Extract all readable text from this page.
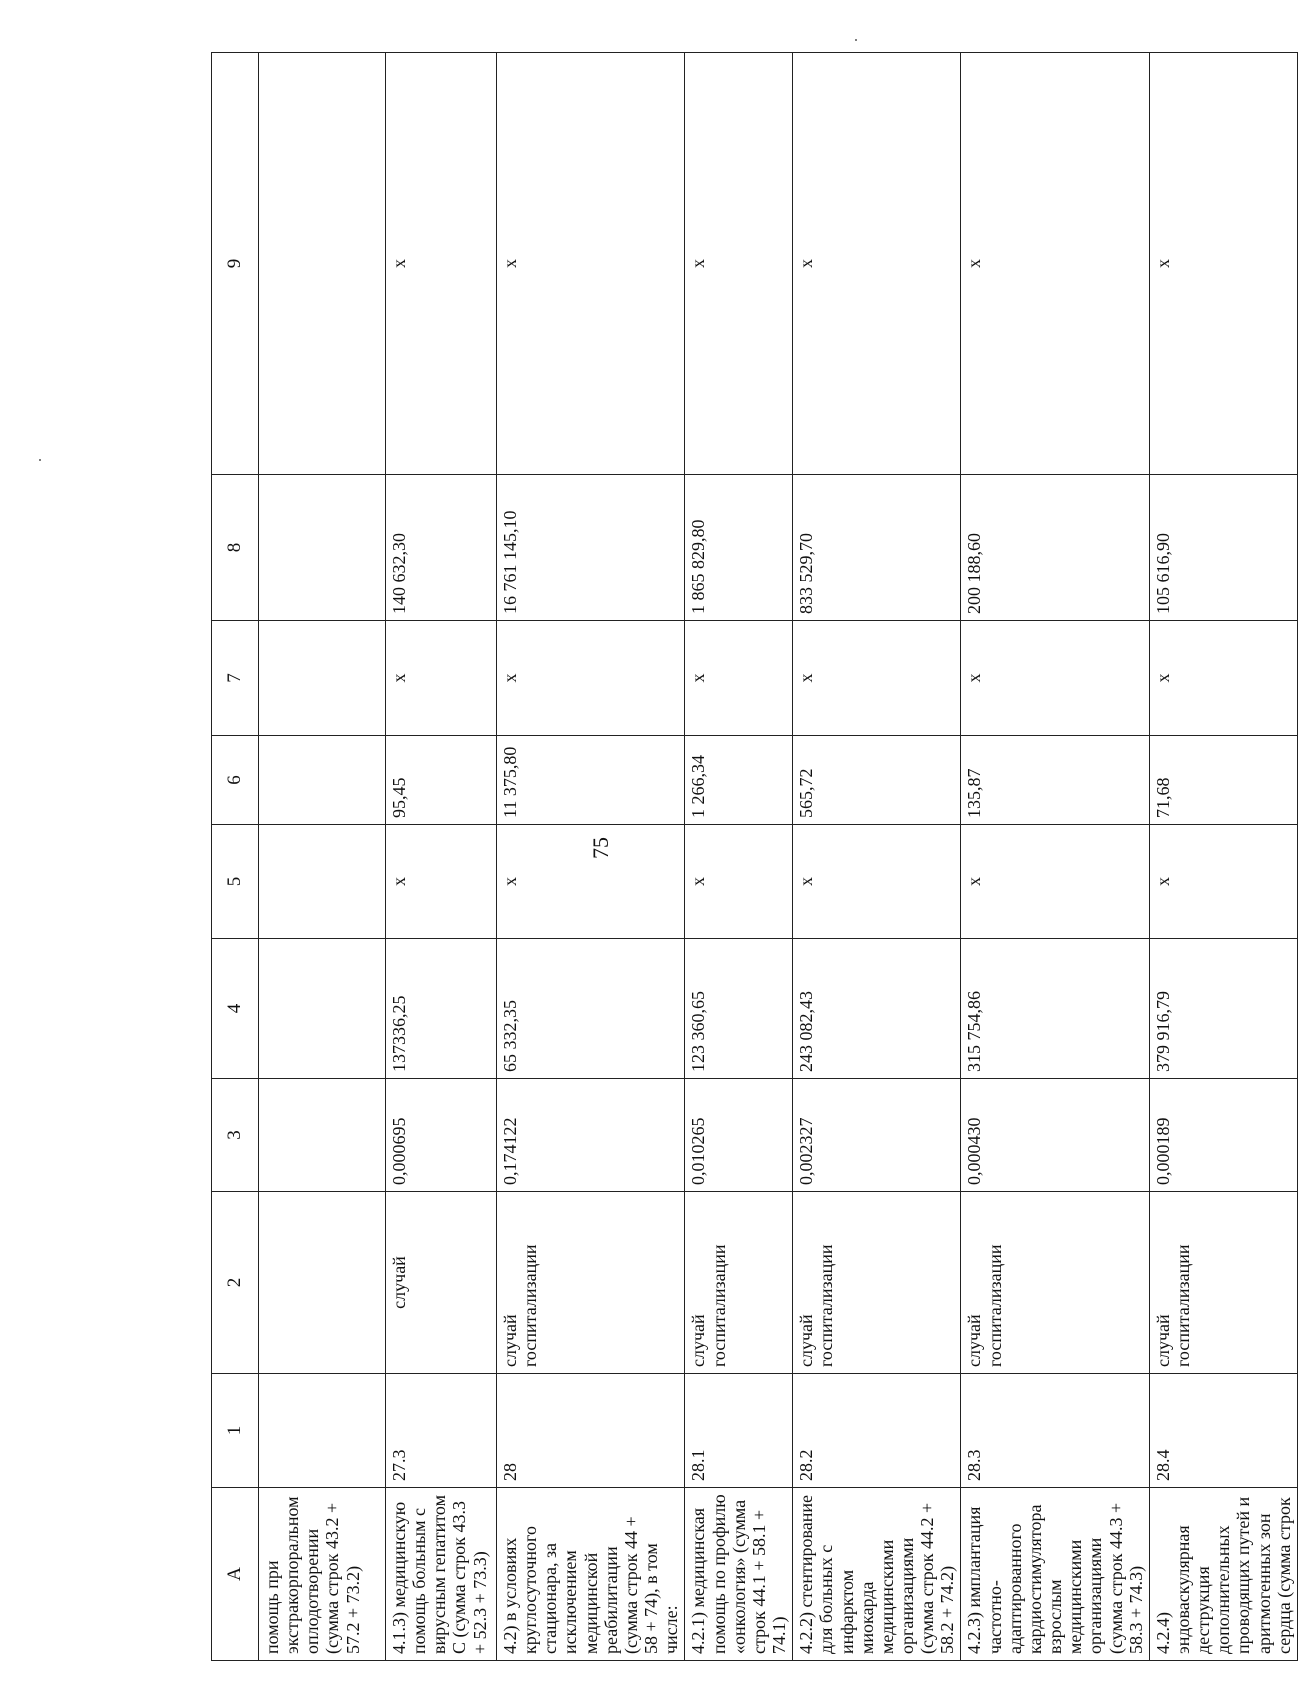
75
А	1	2	3	4	5	6	7	8	9
помощь при экстракорпоральном оплодотворении (сумма строк 43.2 + 57.2 + 73.2)									
4.1.3) медицинскую помощь больным с вирусным гепатитом С (сумма строк 43.3 + 52.3 + 73.3)	27.3	случай	0,000695	137336,25	х	95,45	х	140 632,30	х
4.2) в условиях круглосуточного стационара, за исключением медицинской реабилитации (сумма строк 44 + 58 + 74), в том числе:	28	случай госпитализации	0,174122	65 332,35	х	11 375,80	х	16 761 145,10	х
4.2.1) медицинская помощь по профилю «онкология» (сумма строк 44.1 + 58.1 + 74.1)	28.1	случай госпитализации	0,010265	123 360,65	х	1 266,34	х	1 865 829,80	х
4.2.2) стентирование для больных с инфарктом миокарда медицинскими организациями (сумма строк 44.2 + 58.2 + 74.2)	28.2	случай госпитализации	0,002327	243 082,43	х	565,72	х	833 529,70	х
4.2.3) имплантация частотно-адаптированного кардиостимулятора взрослым медицинскими организациями (сумма строк 44.3 + 58.3 + 74.3)	28.3	случай госпитализации	0,000430	315 754,86	х	135,87	х	200 188,60	х
4.2.4) эндоваскулярная деструкция дополнительных проводящих путей и аритмогенных зон сердца (сумма строк	28.4	случай госпитализации	0,000189	379 916,79	х	71,68	х	105 616,90	х
